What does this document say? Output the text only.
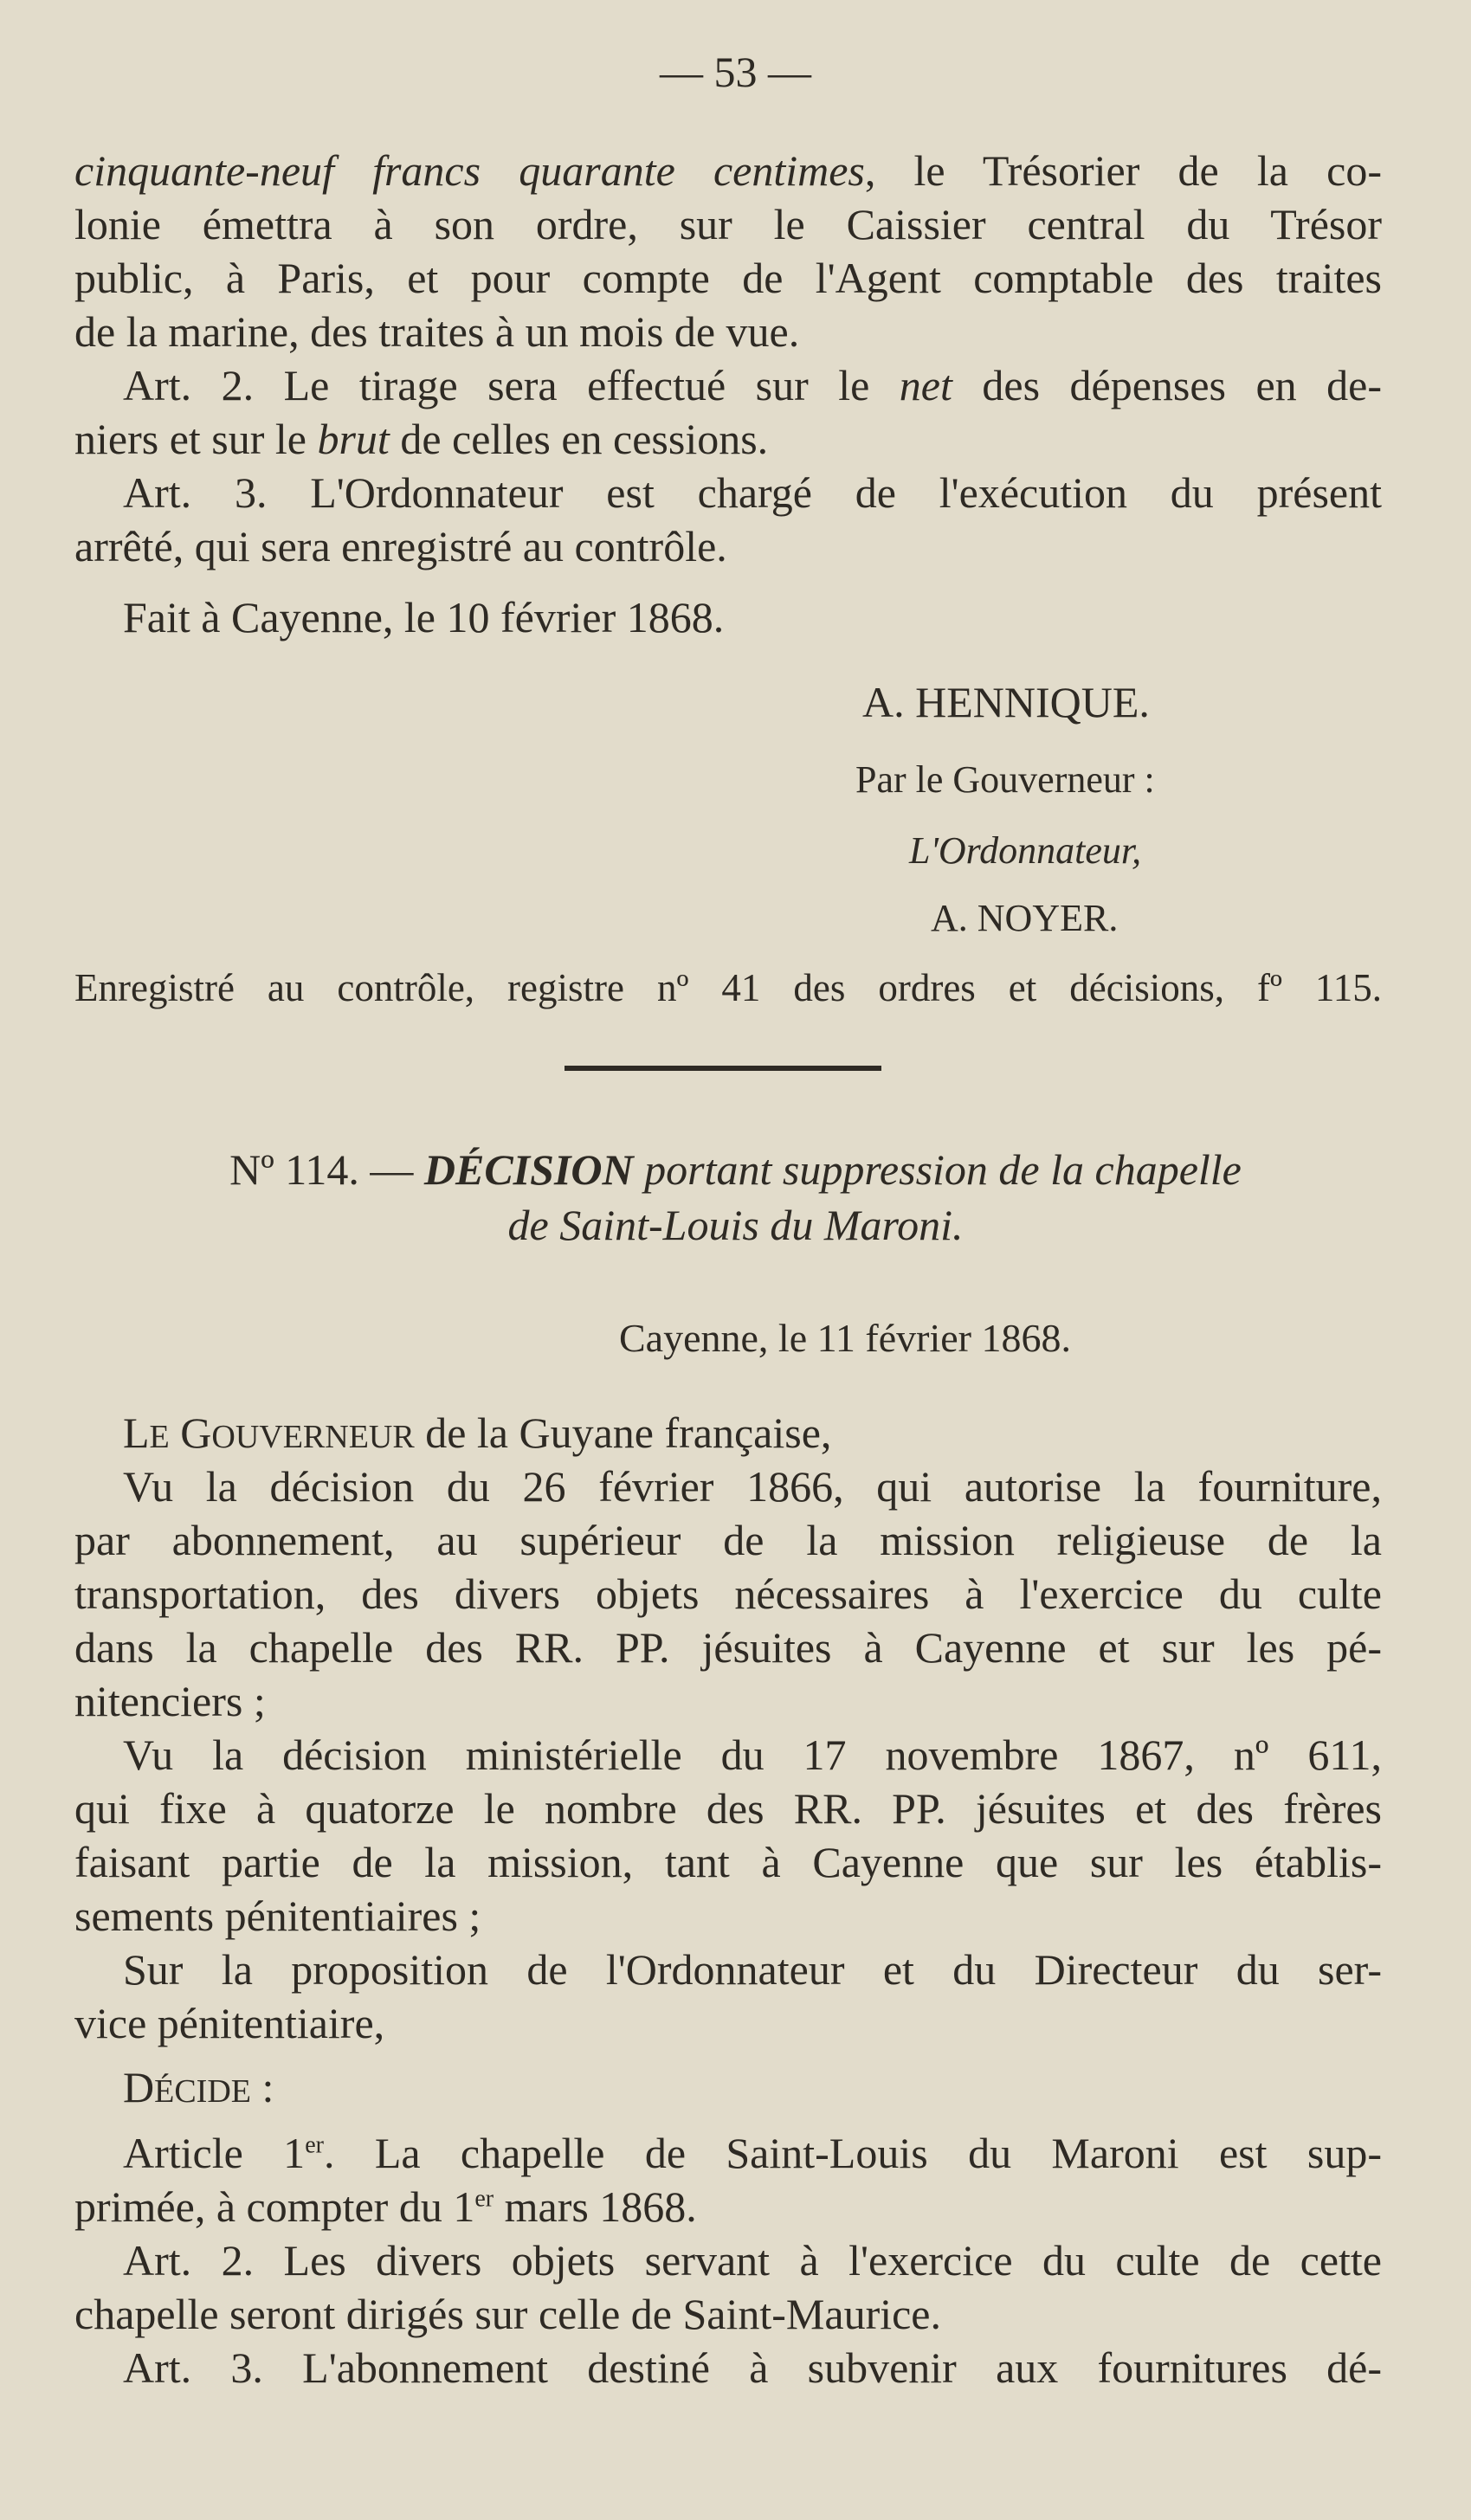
— 53 —
cinquante-neuf francs quarante centimes, le Trésorier de la co-
lonie émettra à son ordre, sur le Caissier central du Trésor
public, à Paris, et pour compte de l'Agent comptable des traites
de la marine, des traites à un mois de vue.
Art. 2. Le tirage sera effectué sur le net des dépenses en de-
niers et sur le brut de celles en cessions.
Art. 3. L'Ordonnateur est chargé de l'exécution du présent
arrêté, qui sera enregistré au contrôle.
Fait à Cayenne, le 10 février 1868.
A. HENNIQUE.
Par le Gouverneur :
L'Ordonnateur,
A. NOYER.
Enregistré au contrôle, registre nº 41 des ordres et décisions, fº 115.
Nº 114. — DÉCISION portant suppression de la chapelle
de Saint-Louis du Maroni.
Cayenne, le 11 février 1868.
LE GOUVERNEUR de la Guyane française,
Vu la décision du 26 février 1866, qui autorise la fourniture,
par abonnement, au supérieur de la mission religieuse de la
transportation, des divers objets nécessaires à l'exercice du culte
dans la chapelle des RR. PP. jésuites à Cayenne et sur les pé-
nitenciers ;
Vu la décision ministérielle du 17 novembre 1867, nº 611,
qui fixe à quatorze le nombre des RR. PP. jésuites et des frères
faisant partie de la mission, tant à Cayenne que sur les établis-
sements pénitentiaires ;
Sur la proposition de l'Ordonnateur et du Directeur du ser-
vice pénitentiaire,
DÉCIDE :
Article 1er. La chapelle de Saint-Louis du Maroni est sup-
primée, à compter du 1er mars 1868.
Art. 2. Les divers objets servant à l'exercice du culte de cette
chapelle seront dirigés sur celle de Saint-Maurice.
Art. 3. L'abonnement destiné à subvenir aux fournitures dé-
